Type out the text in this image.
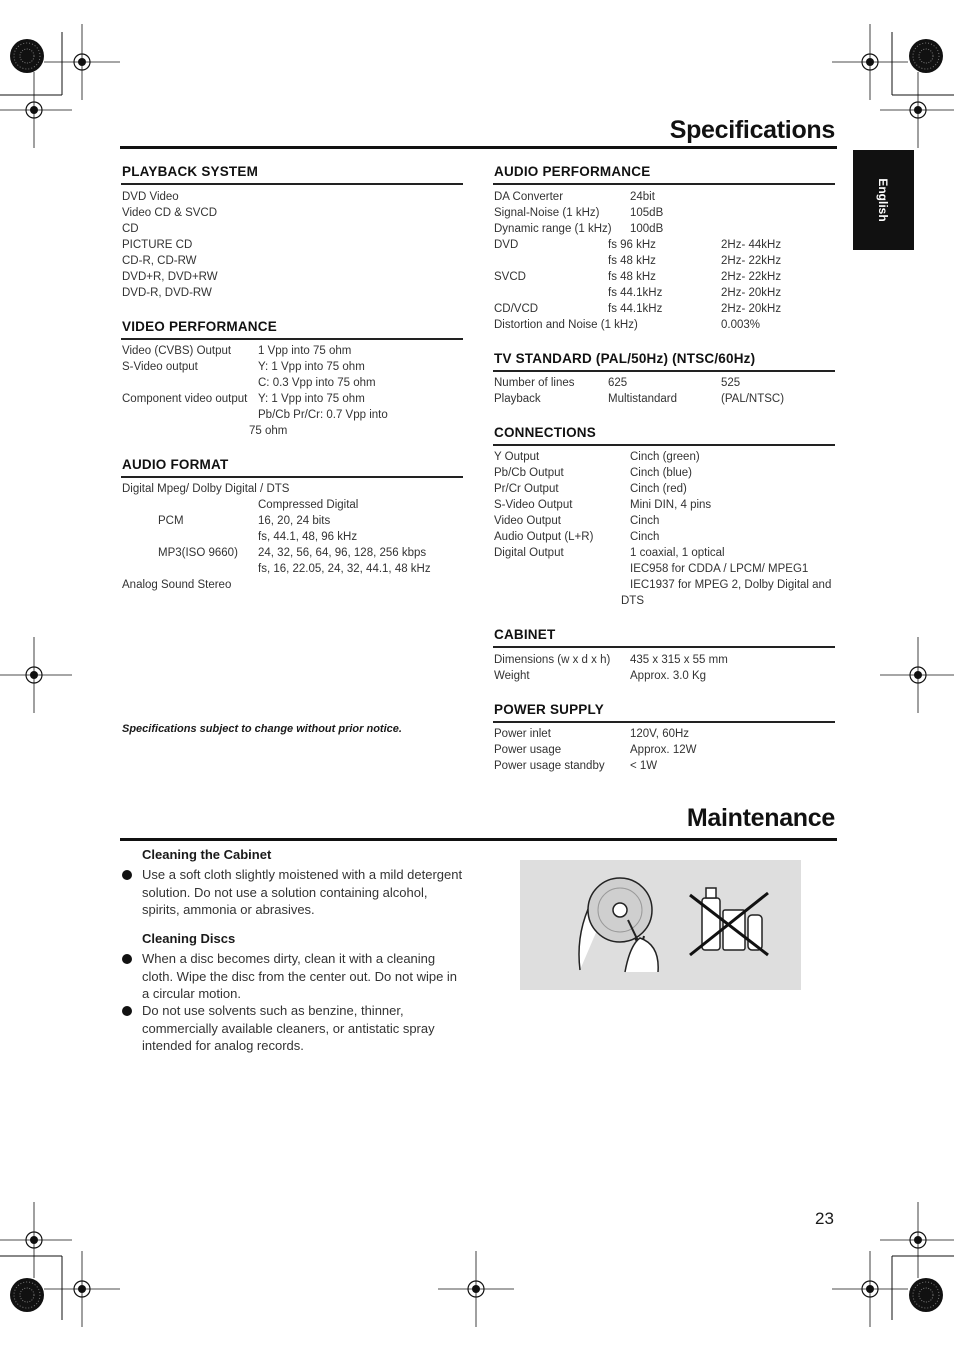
Specifications
English
PLAYBACK SYSTEM
DVD Video
Video CD & SVCD
CD
PICTURE CD
CD-R, CD-RW
DVD+R, DVD+RW
DVD-R, DVD-RW
VIDEO PERFORMANCE
Video (CVBS) Output 1 Vpp into 75 ohm
S-Video output	Y: 1 Vpp into 75 ohm
C: 0.3 Vpp into 75 ohm
Component video output Y: 1 Vpp into 75 ohm
Pb/Cb Pr/Cr: 0.7 Vpp into
75 ohm
AUDIO FORMAT
Digital Mpeg/ Dolby Digital / DTS
Compressed Digital
PCM	16, 20, 24 bits
fs, 44.1, 48, 96 kHz
MP3(ISO 9660) 24, 32, 56, 64, 96, 128, 256 kbps
fs, 16, 22.05, 24, 32, 44.1, 48 kHz
Analog Sound Stereo
Specifications subject to change without prior notice.
AUDIO PERFORMANCE
DA Converter	24bit
Signal-Noise (1 kHz)	105dB
Dynamic range (1 kHz) 100dB
DVD	fs 96 kHz	2Hz- 44kHz
fs 48 kHz	2Hz- 22kHz
SVCD	fs 48 kHz	2Hz- 22kHz
fs 44.1kHz	2Hz- 20kHz
CD/VCD	fs 44.1kHz	2Hz- 20kHz
Distortion and Noise (1 kHz)	0.003%
TV STANDARD (PAL/50Hz) (NTSC/60Hz)
Number of lines	625	525
Playback	Multistandard	(PAL/NTSC)
CONNECTIONS
Y Output	Cinch (green)
Pb/Cb Output	Cinch (blue)
Pr/Cr Output	Cinch (red)
S-Video Output	Mini DIN, 4 pins
Video Output	Cinch
Audio Output (L+R)	Cinch
Digital Output	1 coaxial, 1 optical
IEC958 for CDDA / LPCM/ MPEG1
IEC1937 for MPEG 2, Dolby Digital and
DTS
CABINET
Dimensions (w x d x h) 435 x 315 x 55 mm
Weight	Approx. 3.0 Kg
POWER SUPPLY
Power inlet	120V, 60Hz
Power usage	Approx. 12W
Power usage standby < 1W
Maintenance
Cleaning the Cabinet
Use a soft cloth slightly moistened with a mild detergent solution. Do not use a solution containing alcohol, spirits, ammonia or abrasives.
Cleaning Discs
When a disc becomes dirty, clean it with a cleaning cloth. Wipe the disc from the center out. Do not wipe in a circular motion.
Do not use solvents such as benzine, thinner, commercially available cleaners, or antistatic spray intended for analog records.
23
